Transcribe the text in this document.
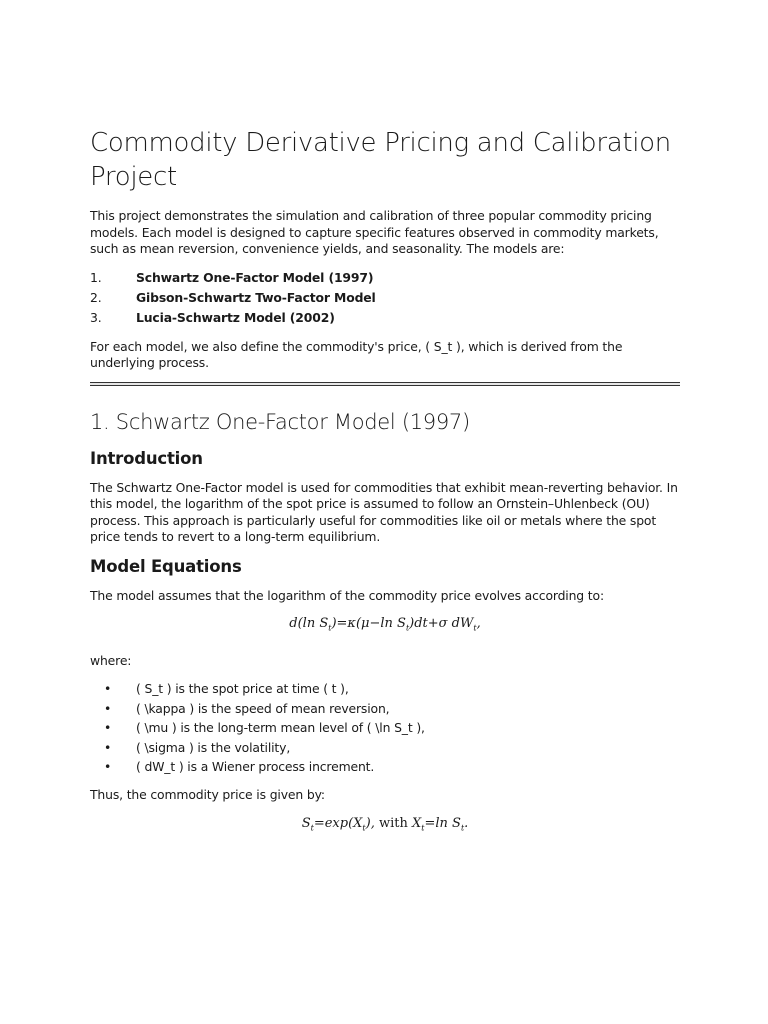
Commodity Derivative Pricing and Calibration Project

This project demonstrates the simulation and calibration of three popular commodity pricing models. Each model is designed to capture specific features observed in commodity markets, such as mean reversion, convenience yields, and seasonality. The models are:

1.	Schwartz One-Factor Model (1997)
2.	Gibson-Schwartz Two-Factor Model
3.	Lucia-Schwartz Model (2002)

For each model, we also define the commodity's price, ( S_t ), which is derived from the underlying process.

1. Schwartz One-Factor Model (1997)
Introduction

The Schwartz One-Factor model is used for commodities that exhibit mean-reverting behavior. In this model, the logarithm of the spot price is assumed to follow an Ornstein–Uhlenbeck (OU) process. This approach is particularly useful for commodities like oil or metals where the spot price tends to revert to a long-term equilibrium.

Model Equations

The model assumes that the logarithm of the commodity price evolves according to:

d(ln $S_t)=\kappa(\mu-\ln$ $S_t)dt+\sigma$ $dW_t$,

where:

•	( S_t ) is the spot price at time ( t ),
•	( \kappa ) is the speed of mean reversion,
•	( \mu ) is the long-term mean level of ( \ln S_t ),
•	( \sigma ) is the volatility,
•	( dW_t ) is a Wiener process increment.

Thus, the commodity price is given by:

$S_t=\exp(X_t)$, with $X_t=\ln$ $S_t$.
